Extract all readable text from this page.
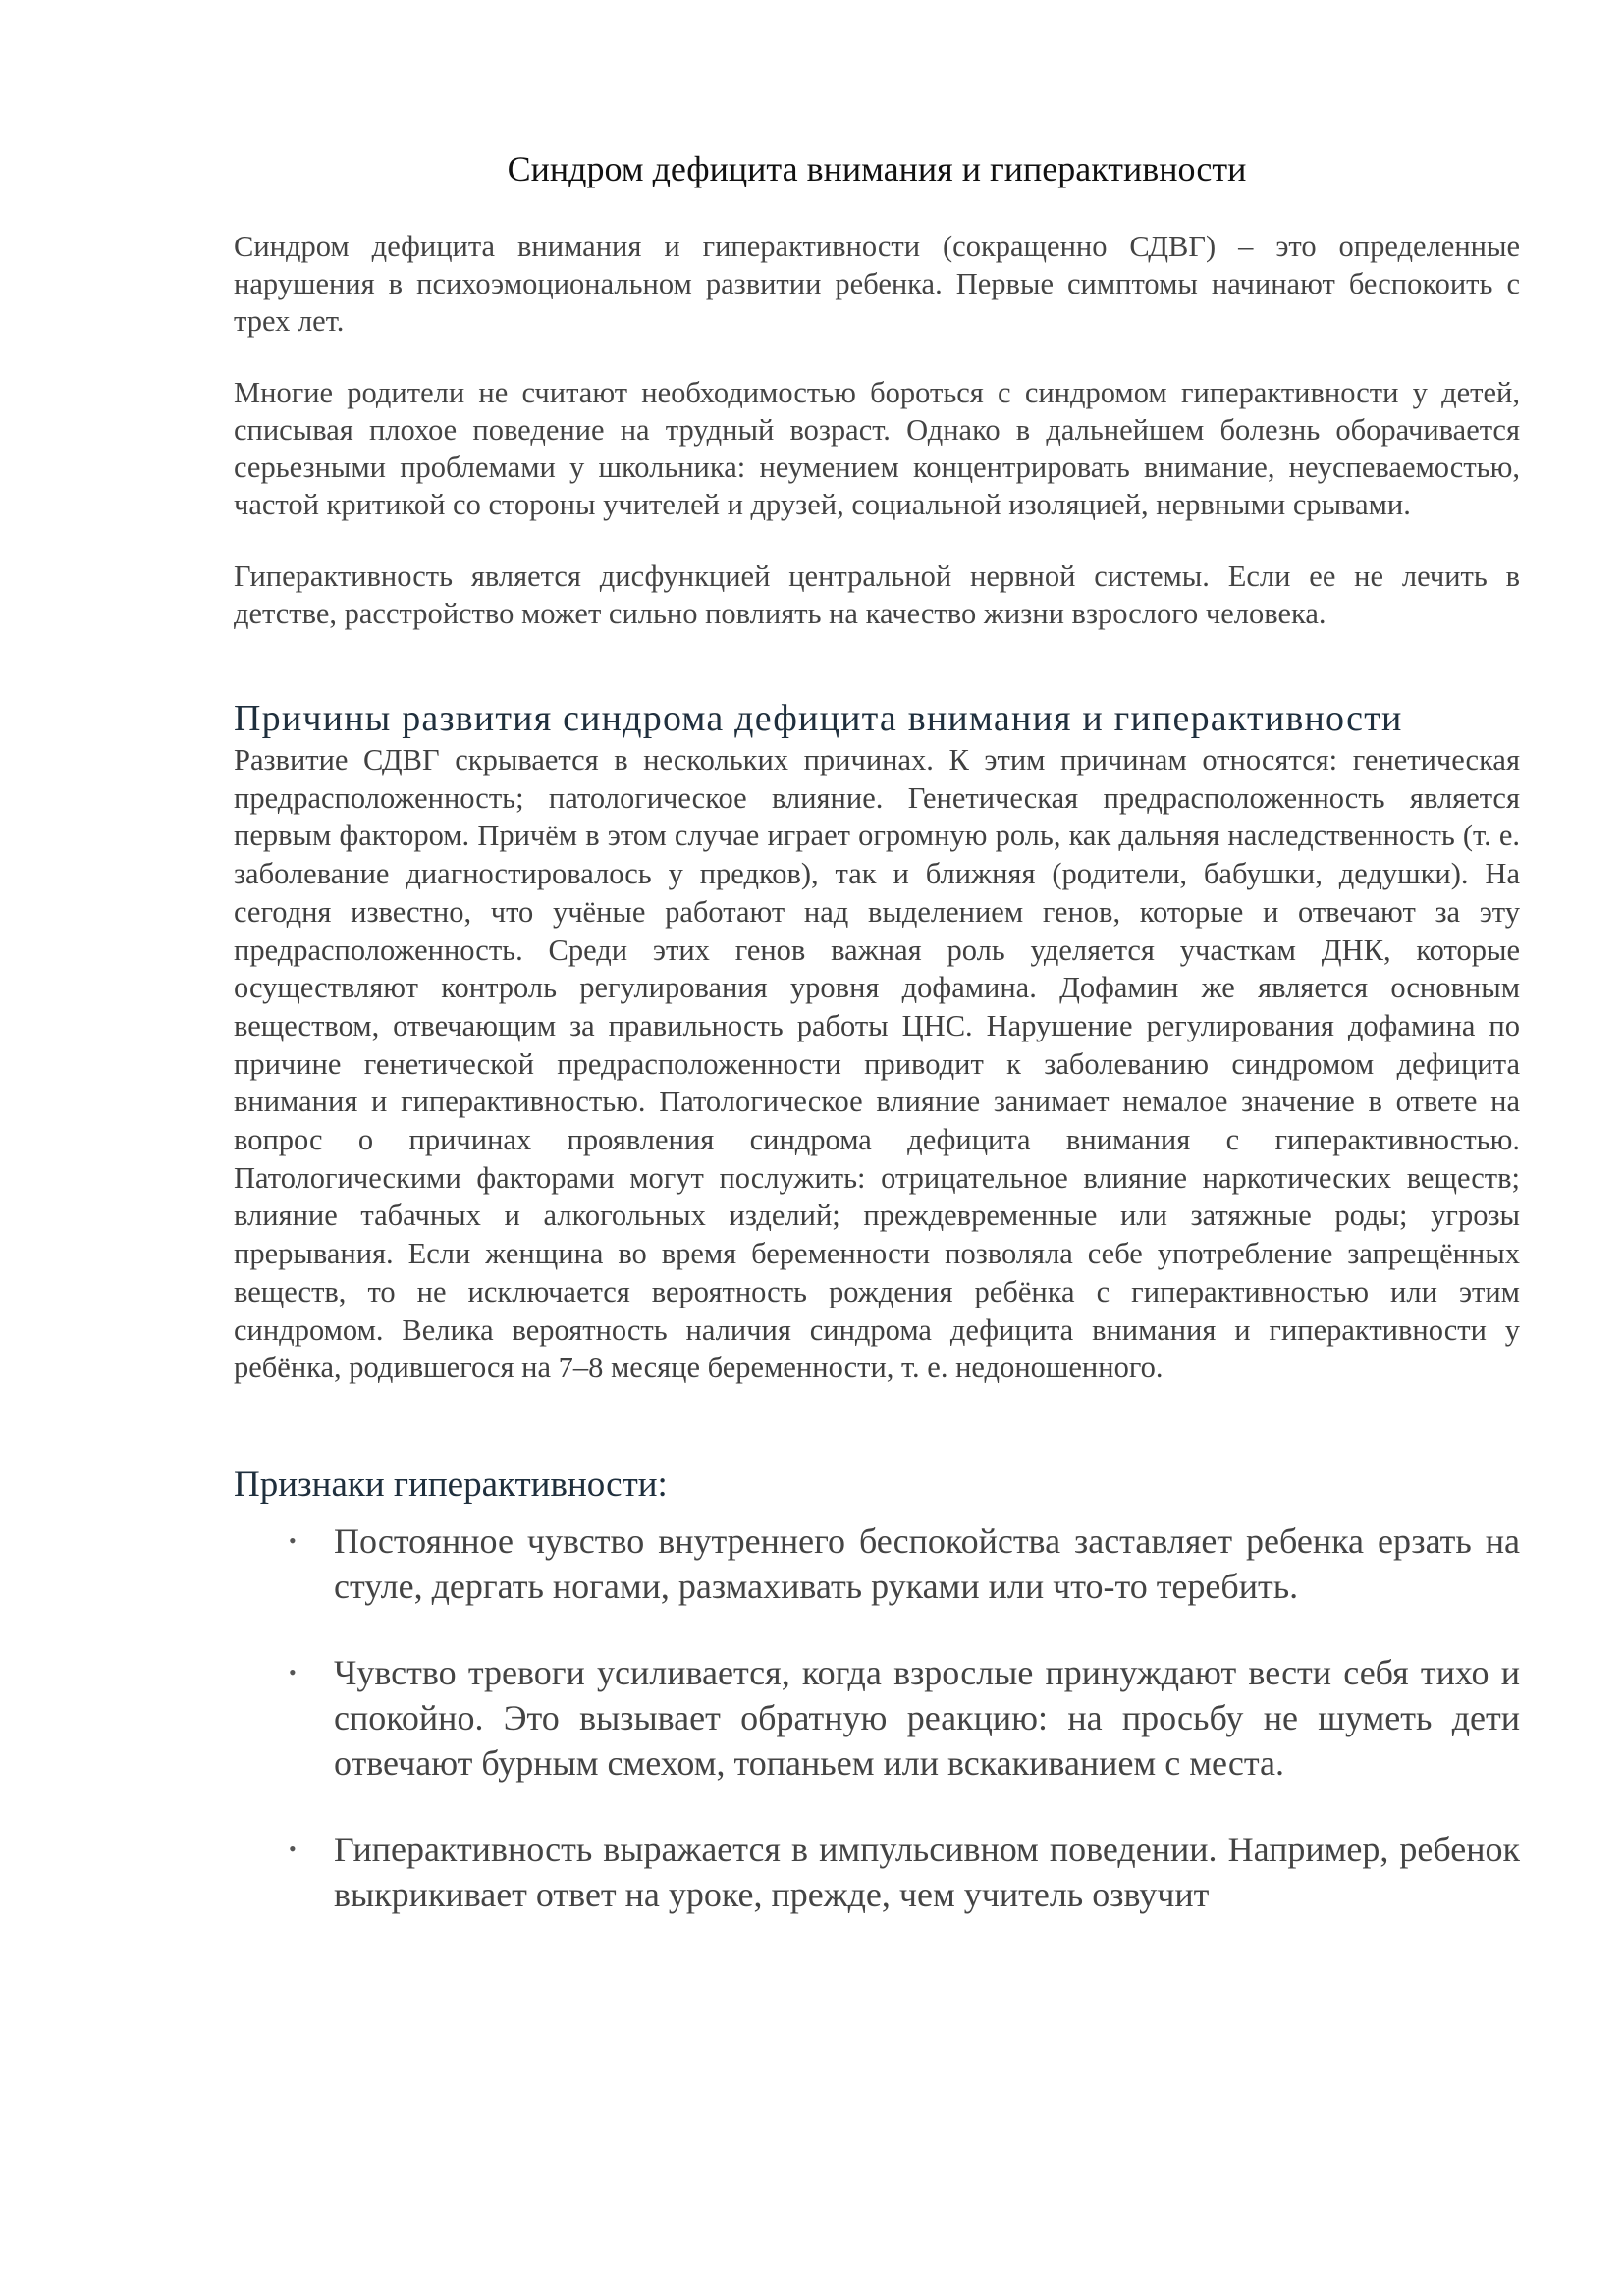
Синдром дефицита внимания и гиперактивности

Синдром дефицита внимания и гиперактивности (сокращенно СДВГ) – это определенные нарушения в психоэмоциональном развитии ребенка. Первые симптомы начинают беспокоить с трех лет.

Многие родители не считают необходимостью бороться с синдромом гиперактивности у детей, списывая плохое поведение на трудный возраст. Однако в дальнейшем болезнь оборачивается серьезными проблемами у школьника: неумением концентрировать внимание, неуспеваемостью, частой критикой со стороны учителей и друзей, социальной изоляцией, нервными срывами.

Гиперактивность является дисфункцией центральной нервной системы. Если ее не лечить в детстве, расстройство может сильно повлиять на качество жизни взрослого человека.

Причины развития синдрома дефицита внимания и гиперактивности

Развитие СДВГ скрывается в нескольких причинах. К этим причинам относятся: генетическая предрасположенность; патологическое влияние. Генетическая предрасположенность является первым фактором. Причём в этом случае играет огромную роль, как дальняя наследственность (т. е. заболевание диагностировалось у предков), так и ближняя (родители, бабушки, дедушки). На сегодня известно, что учёные работают над выделением генов, которые и отвечают за эту предрасположенность. Среди этих генов важная роль уделяется участкам ДНК, которые осуществляют контроль регулирования уровня дофамина. Дофамин же является основным веществом, отвечающим за правильность работы ЦНС. Нарушение регулирования дофамина по причине генетической предрасположенности приводит к заболеванию синдромом дефицита внимания и гиперактивностью. Патологическое влияние занимает немалое значение в ответе на вопрос о причинах проявления синдрома дефицита внимания с гиперактивностью. Патологическими факторами могут послужить: отрицательное влияние наркотических веществ; влияние табачных и алкогольных изделий; преждевременные или затяжные роды; угрозы прерывания. Если женщина во время беременности позволяла себе употребление запрещённых веществ, то не исключается вероятность рождения ребёнка с гиперактивностью или этим синдромом. Велика вероятность наличия синдрома дефицита внимания и гиперактивности у ребёнка, родившегося на 7–8 месяце беременности, т. е. недоношенного.

Признаки гиперактивности:
• Постоянное чувство внутреннего беспокойства заставляет ребенка ерзать на стуле, дергать ногами, размахивать руками или что-то теребить.
• Чувство тревоги усиливается, когда взрослые принуждают вести себя тихо и спокойно. Это вызывает обратную реакцию: на просьбу не шуметь дети отвечают бурным смехом, топаньем или вскакиванием с места.
• Гиперактивность выражается в импульсивном поведении. Например, ребенок выкрикивает ответ на уроке, прежде, чем учитель озвучит
